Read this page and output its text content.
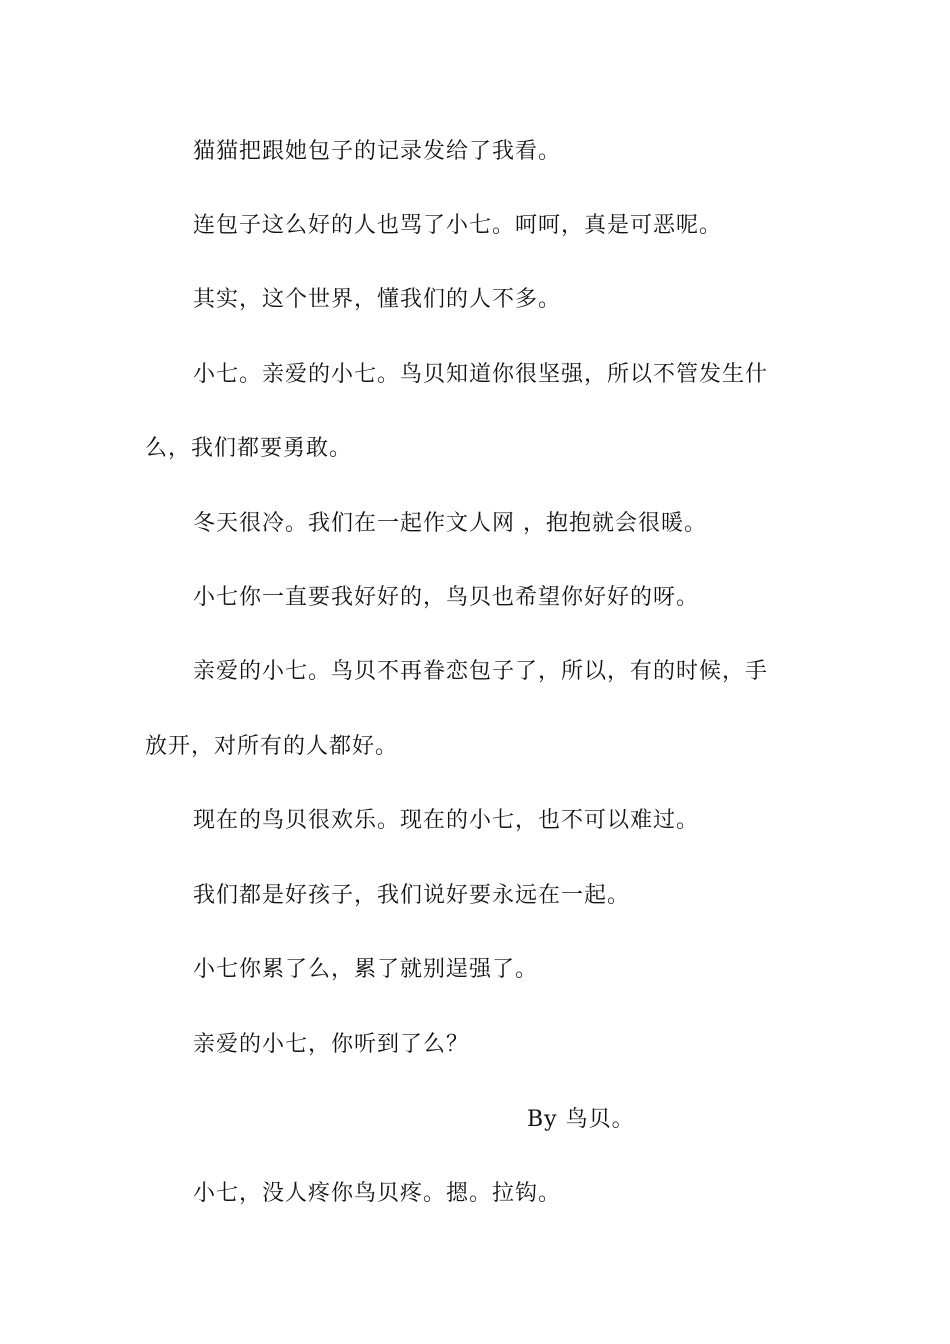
猫猫把跟她包子的记录发给了我看。
连包子这么好的人也骂了小七。呵呵，真是可恶呢。
其实，这个世界，懂我们的人不多。
小七。亲爱的小七。鸟贝知道你很坚强，所以不管发生什
么，我们都要勇敢。
冬天很冷。我们在一起作文人网 ，抱抱就会很暖。
小七你一直要我好好的，鸟贝也希望你好好的呀。
亲爱的小七。鸟贝不再眷恋包子了，所以，有的时候，手
放开，对所有的人都好。
现在的鸟贝很欢乐。现在的小七，也不可以难过。
我们都是好孩子，我们说好要永远在一起。
小七你累了么，累了就别逞强了。
亲爱的小七，你听到了么？
By 鸟贝。
小七，没人疼你鸟贝疼。摁。拉钩。
